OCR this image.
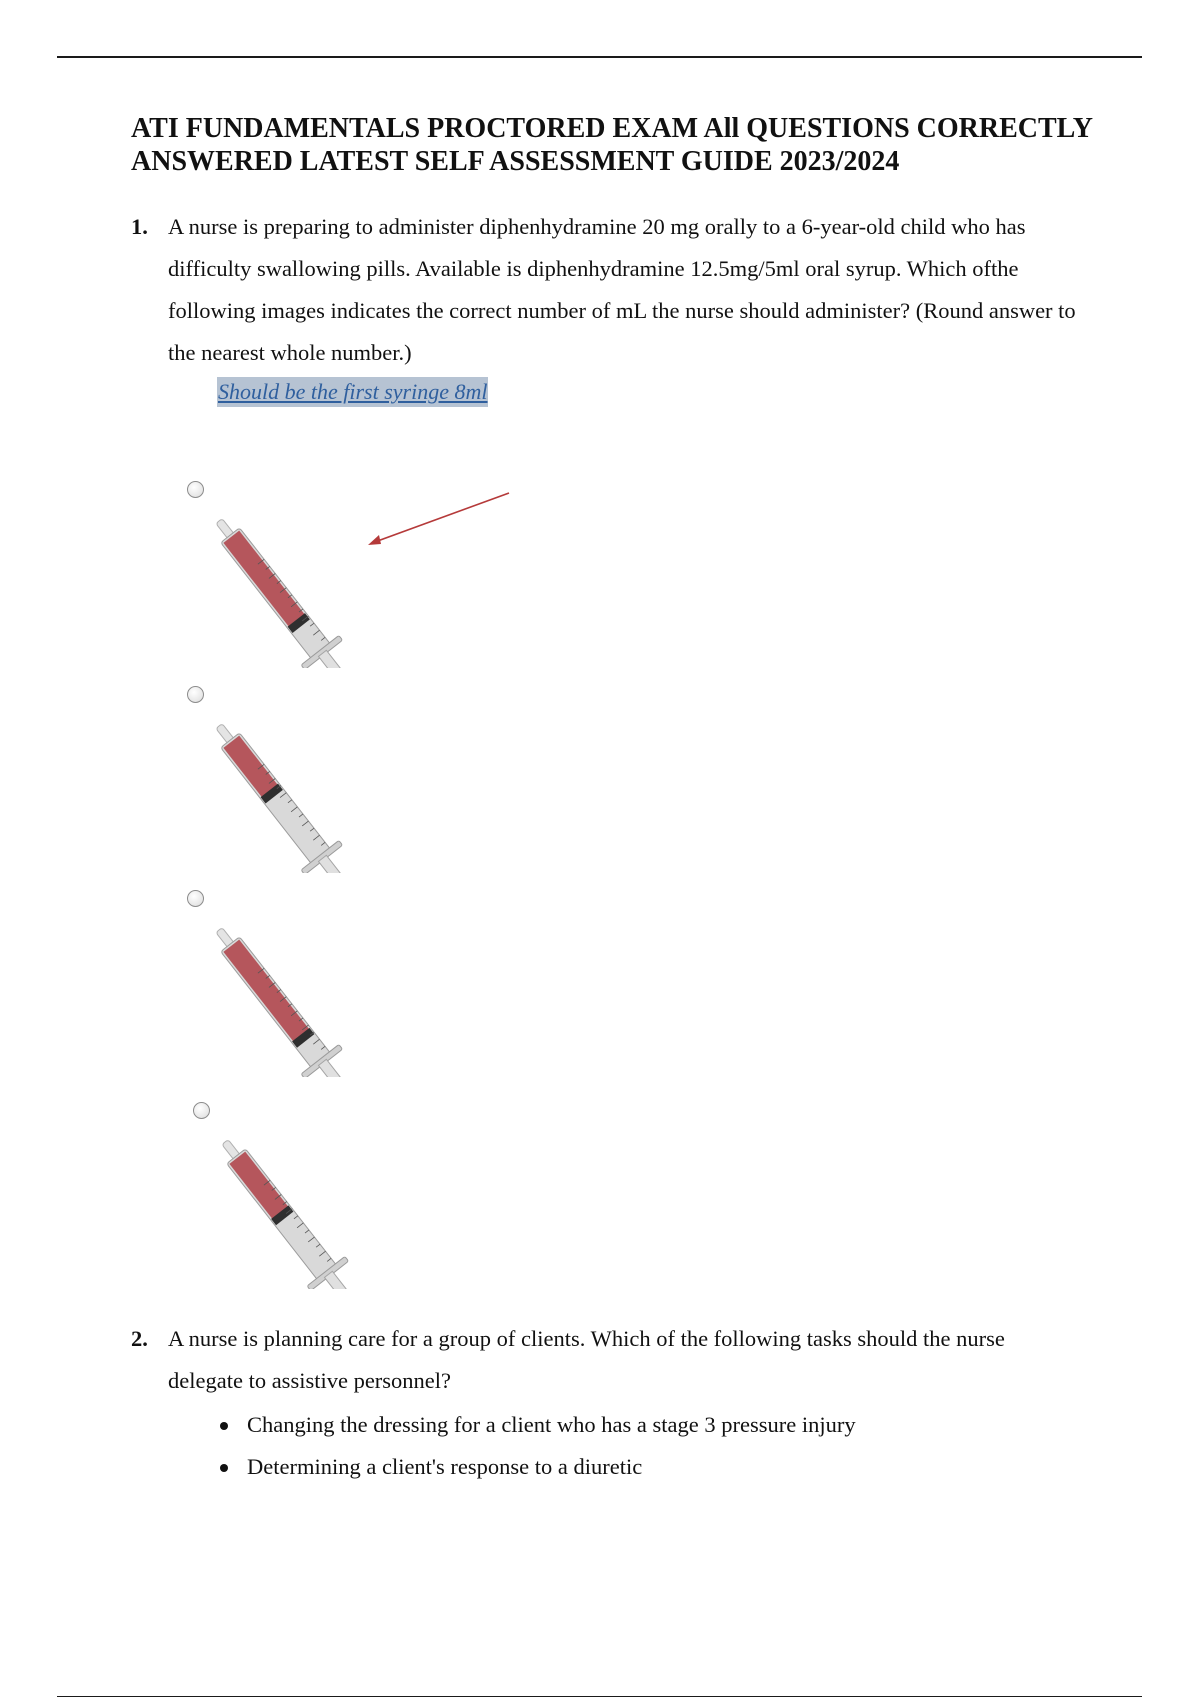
ATI FUNDAMENTALS PROCTORED EXAM All QUESTIONS CORRECTLY
ANSWERED LATEST SELF ASSESSMENT GUIDE 2023/2024
1. A nurse is preparing to administer diphenhydramine 20 mg orally to a 6-year-old child who has difficulty swallowing pills. Available is diphenhydramine 12.5mg/5ml oral syrup. Which ofthe following images indicates the correct number of mL the nurse should administer? (Round answer to the nearest whole number.)
Should be the first syringe 8ml
2. A nurse is planning care for a group of clients. Which of the following tasks should the nurse delegate to assistive personnel?
Changing the dressing for a client who has a stage 3 pressure injury
Determining a client's response to a diuretic
